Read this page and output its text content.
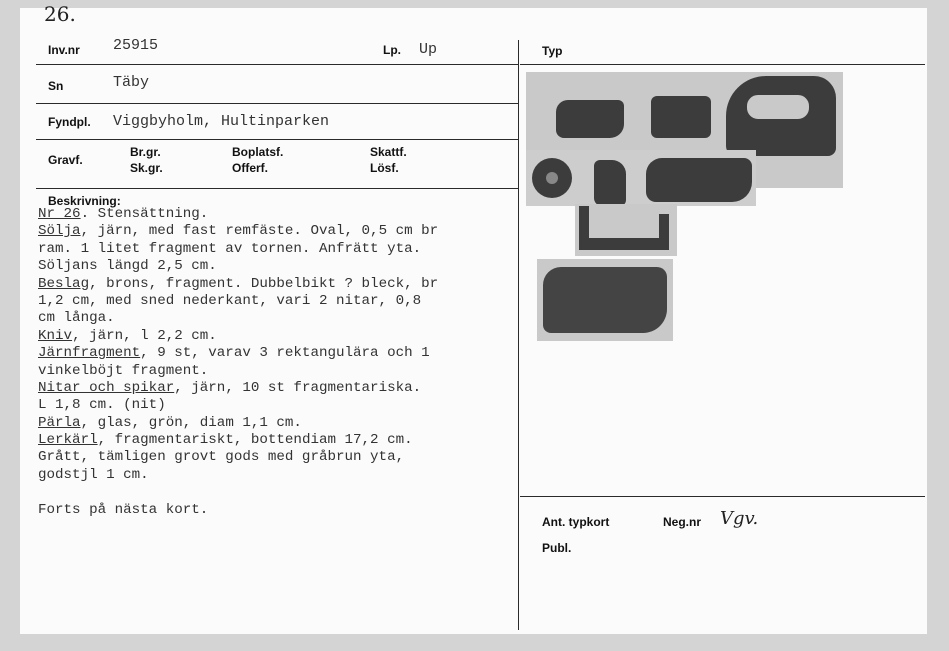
26.
Inv.nr 25915	Lp. Up
Sn	Täby
Fyndpl. Viggbyholm, Hultinparken
Gravf.
Br.gr.
Sk.gr.
Boplatsf.
Offerf.
Skattf.
Lösf.
Beskrivning:
Nr 26. Stensättning.
Sölja, järn, med fast remfäste. Oval, 0,5 cm br
ram. 1 litet fragment av tornen. Anfrätt yta.
Söljans längd 2,5 cm.
Beslag, brons, fragment. Dubbelbikt ? bleck, br
1,2 cm, med sned nederkant, vari 2 nitar, 0,8
cm långa.
Kniv, järn, l 2,2 cm.
Järnfragment, 9 st, varav 3 rektangulära och 1
vinkelböjt fragment.
Nitar och spikar, järn, 10 st fragmentariska.
L 1,8 cm. (nit)
Pärla, glas, grön, diam 1,1 cm.
Lerkärl, fragmentariskt, bottendiam 17,2 cm.
Grått, tämligen grovt gods med gråbrun yta,
godstjl 1 cm.
Forts på nästa kort.
Typ
Ant. typkort	Neg.nr Vgv.
Publ.
